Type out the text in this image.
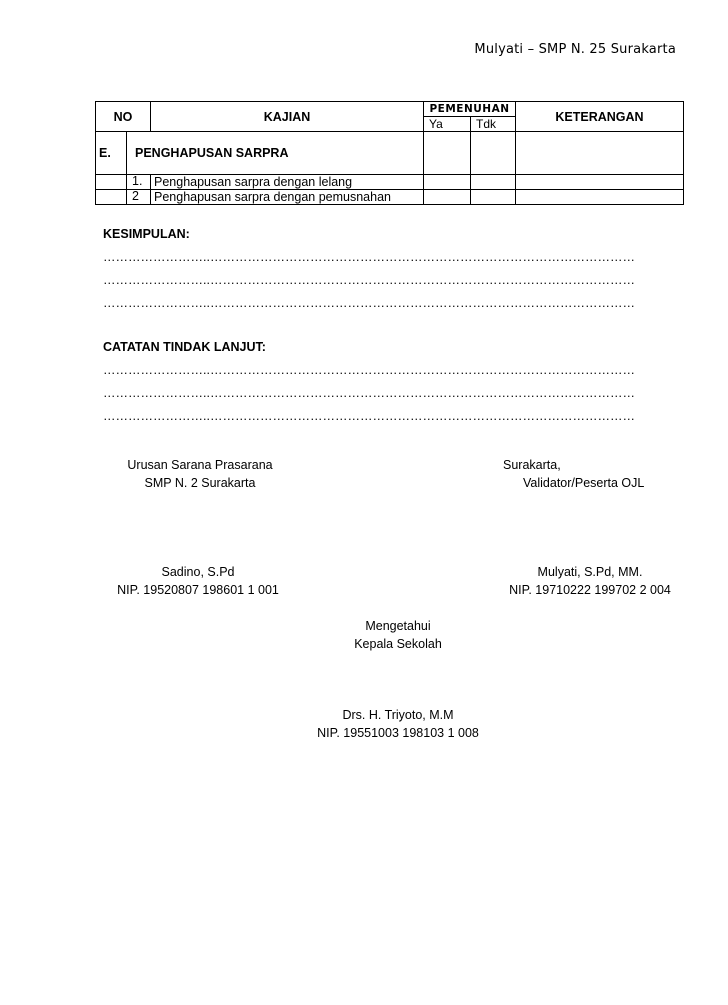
Mulyati – SMP N. 25 Surakarta
NO	KAJIAN	PEMENUHAN		KETERANGAN
		Ya	Tdk	

E. PENGHAPUSAN SARPRA				

1.	Penghapusan sarpra dengan lelang			

2	Penghapusan sarpra dengan pemusnahan			
KESIMPULAN:
……………………..…………………………………………………………………………………………
……………………..…………………………………………………………………………………………
……………………..…………………………………………………………………………………………
CATATAN TINDAK LANJUT:
……………………..…………………………………………………………………………………………
……………………..…………………………………………………………………………………………
……………………..…………………………………………………………………………………………
Urusan Sarana Prasarana
SMP N. 2 Surakarta
Sadino, S.Pd
NIP. 19520807 198601 1 001
Surakarta,
Validator/Peserta OJL
Mulyati, S.Pd, MM.
NIP. 19710222 199702 2 004
Mengetahui
Kepala Sekolah
Drs. H. Triyoto, M.M
NIP. 19551003 198103 1 008
